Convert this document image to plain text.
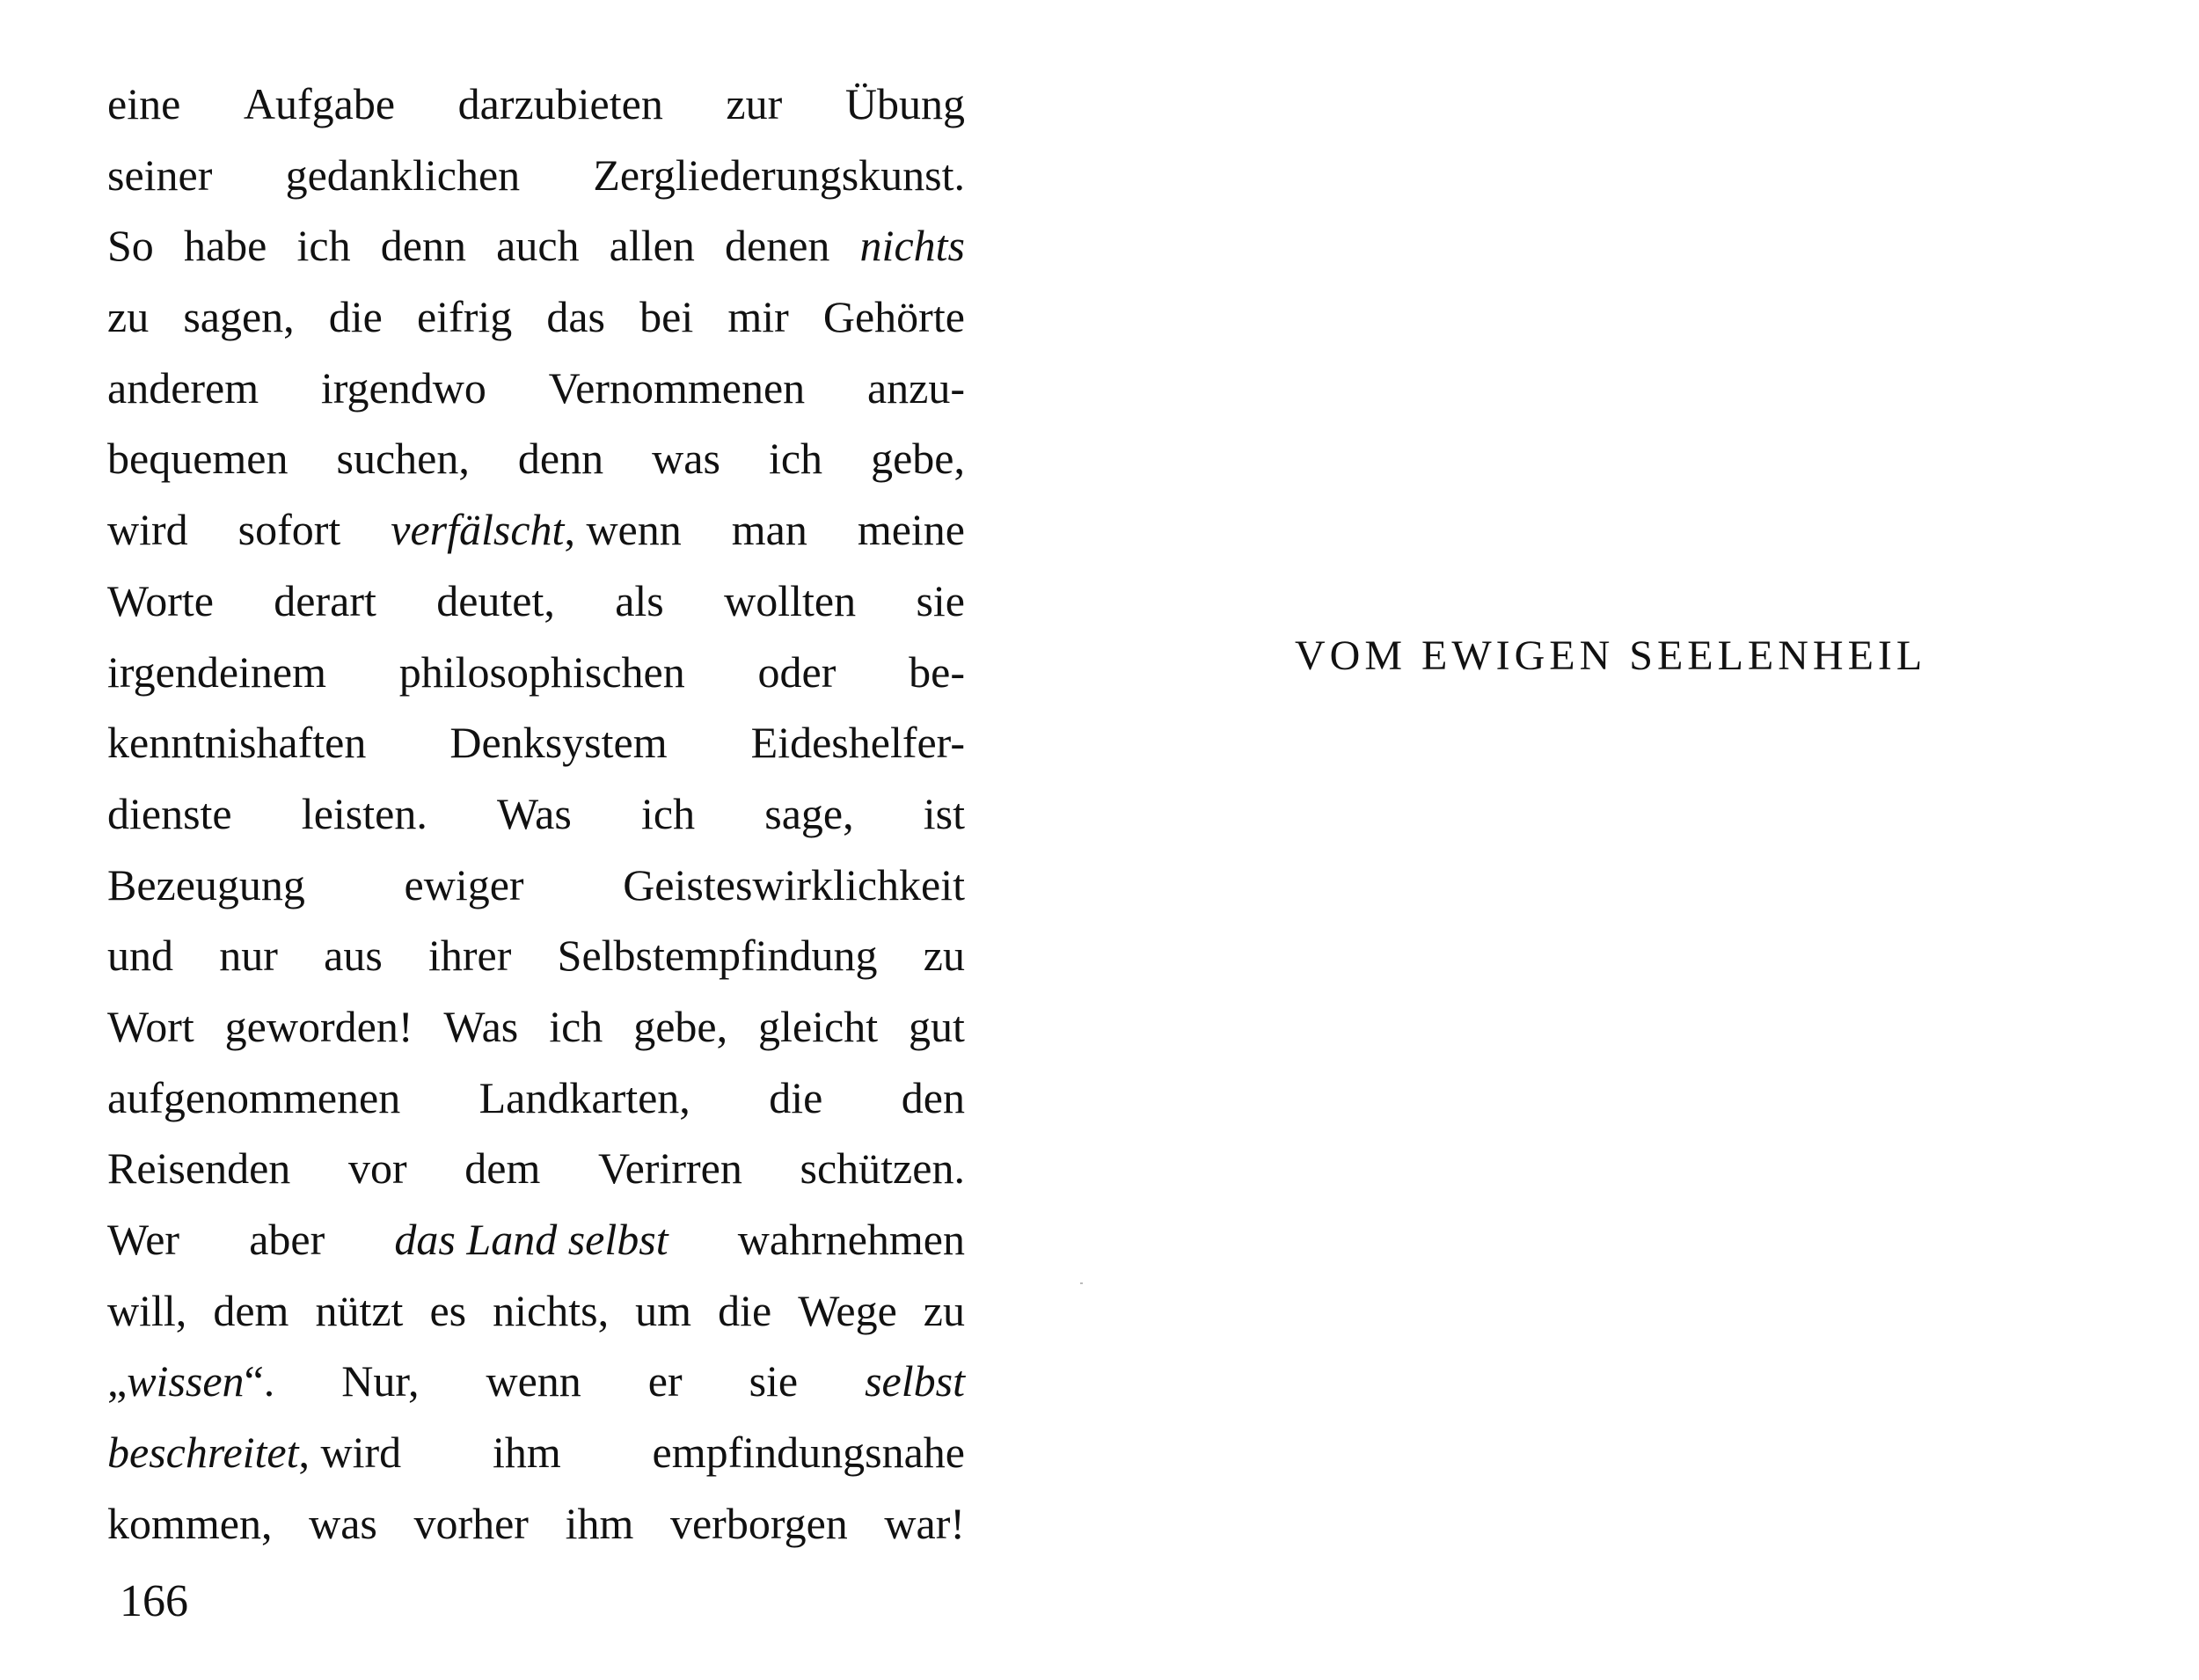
eine Aufgabe darzubieten zur Übung
seiner gedanklichen Zergliederungskunst.
So habe ich denn auch allen denen nichts
zu sagen, die eifrig das bei mir Gehörte
anderem irgendwo Vernommenen anzu-
bequemen suchen, denn was ich gebe,
wird sofort verfälscht, wenn man meine
Worte derart deutet, als wollten sie
irgendeinem philosophischen oder be-
kenntnishaften Denksystem Eideshelfer-
dienste leisten. Was ich sage, ist
Bezeugung ewiger Geisteswirklichkeit
und nur aus ihrer Selbstempfindung zu
Wort geworden! Was ich gebe, gleicht gut
aufgenommenen Landkarten, die den
Reisenden vor dem Verirren schützen.
Wer aber das Land selbst wahrnehmen
will, dem nützt es nichts, um die Wege zu
„wissen“. Nur, wenn er sie selbst
beschreitet, wird ihm empfindungsnahe
kommen, was vorher ihm verborgen war!
166
VOM EWIGEN SEELENHEIL
